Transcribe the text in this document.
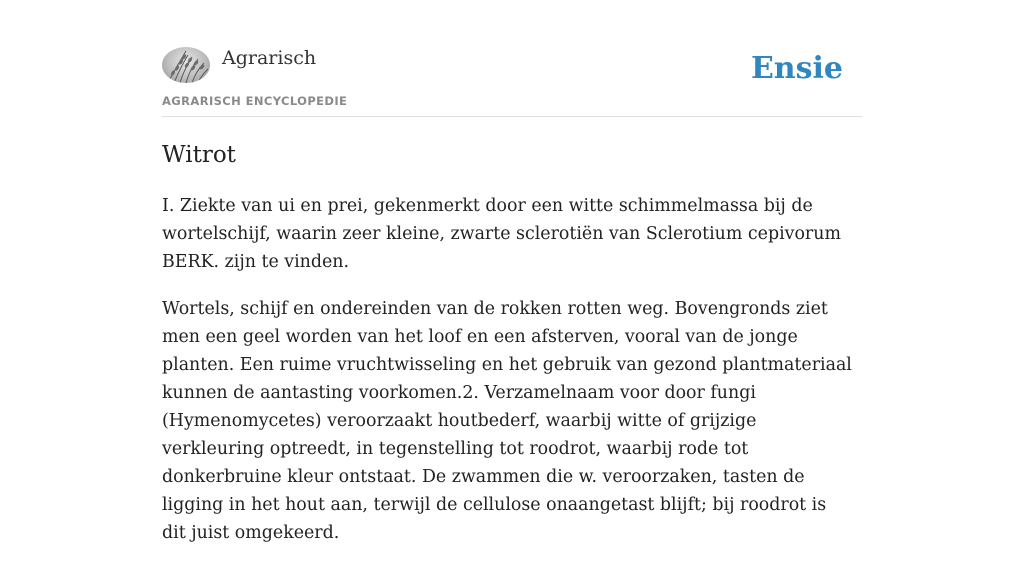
Agrarisch
AGRARISCH ENCYCLOPEDIE
Ensie
Witrot

I. Ziekte van ui en prei, gekenmerkt door een witte schimmelmassa bij de wortelschijf, waarin zeer kleine, zwarte sclerotiën van Sclerotium cepivorum BERK. zijn te vinden.

Wortels, schijf en ondereinden van de rokken rotten weg. Bovengronds ziet men een geel worden van het loof en een afsterven, vooral van de jonge planten. Een ruime vruchtwisseling en het gebruik van gezond plantmateriaal kunnen de aantasting voorkomen.2. Verzamelnaam voor door fungi (Hymenomycetes) veroorzaakt houtbederf, waarbij witte of grijzige verkleuring optreedt, in tegenstelling tot roodrot, waarbij rode tot donkerbruine kleur ontstaat. De zwammen die w. veroorzaken, tasten de ligging in het hout aan, terwijl de cellulose onaangetast blijft; bij roodrot is dit juist omgekeerd.
